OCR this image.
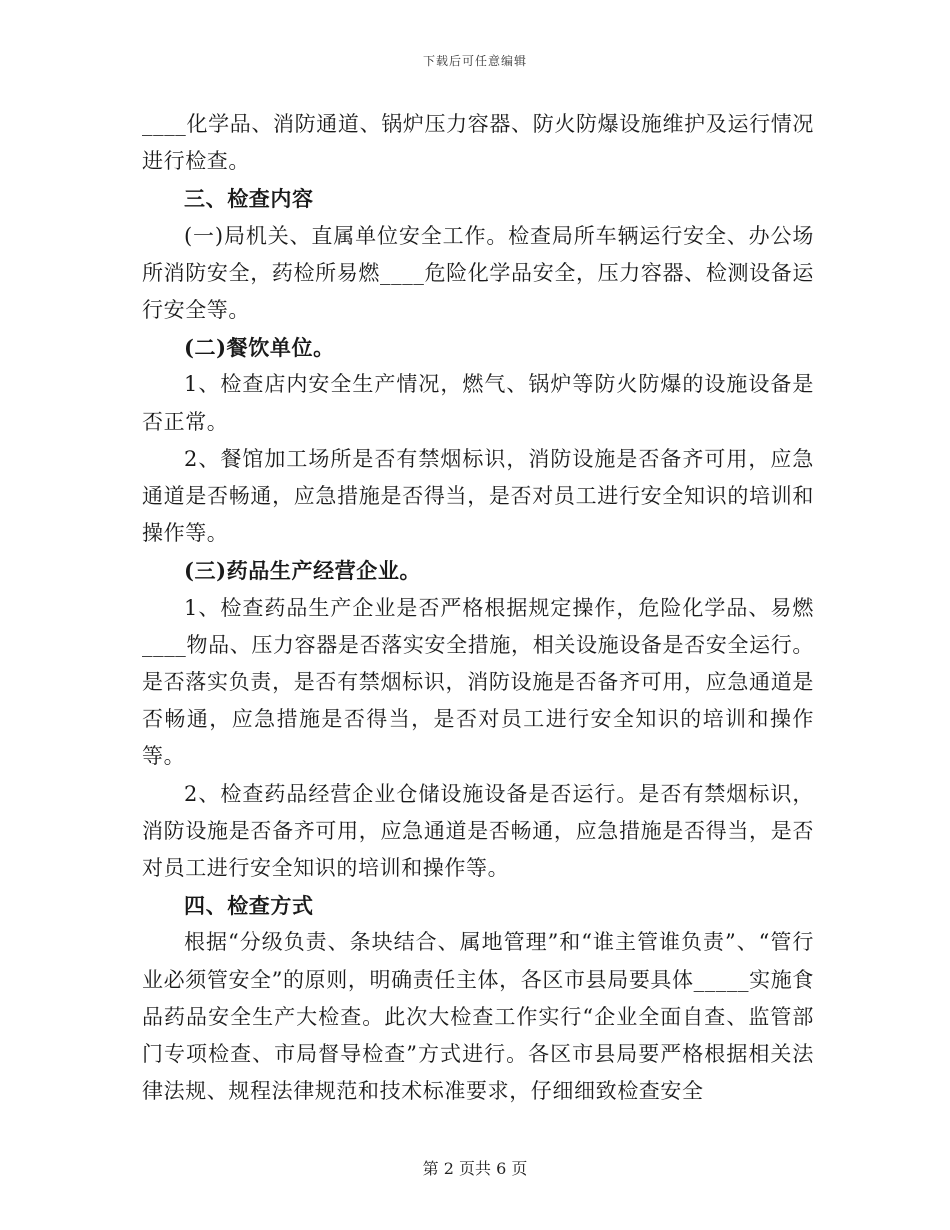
下载后可任意编辑

____化学品、消防通道、锅炉压力容器、防火防爆设施维护及运行情况进行检查。

三、检查内容

(一)局机关、直属单位安全工作。检查局所车辆运行安全、办公场所消防安全，药检所易燃____危险化学品安全，压力容器、检测设备运行安全等。

(二)餐饮单位。

1、检查店内安全生产情况，燃气、锅炉等防火防爆的设施设备是否正常。

2、餐馆加工场所是否有禁烟标识，消防设施是否备齐可用，应急通道是否畅通，应急措施是否得当，是否对员工进行安全知识的培训和操作等。

(三)药品生产经营企业。

1、检查药品生产企业是否严格根据规定操作，危险化学品、易燃____物品、压力容器是否落实安全措施，相关设施设备是否安全运行。是否落实负责，是否有禁烟标识，消防设施是否备齐可用，应急通道是否畅通，应急措施是否得当，是否对员工进行安全知识的培训和操作等。

2、检查药品经营企业仓储设施设备是否运行。是否有禁烟标识，消防设施是否备齐可用，应急通道是否畅通，应急措施是否得当，是否对员工进行安全知识的培训和操作等。

四、检查方式

根据“分级负责、条块结合、属地管理”和“谁主管谁负责”、“管行业必须管安全”的原则，明确责任主体，各区市县局要具体_____实施食品药品安全生产大检查。此次大检查工作实行“企业全面自查、监管部门专项检查、市局督导检查”方式进行。各区市县局要严格根据相关法律法规、规程法律规范和技术标准要求，仔细细致检查安全

第 2 页共 6 页
